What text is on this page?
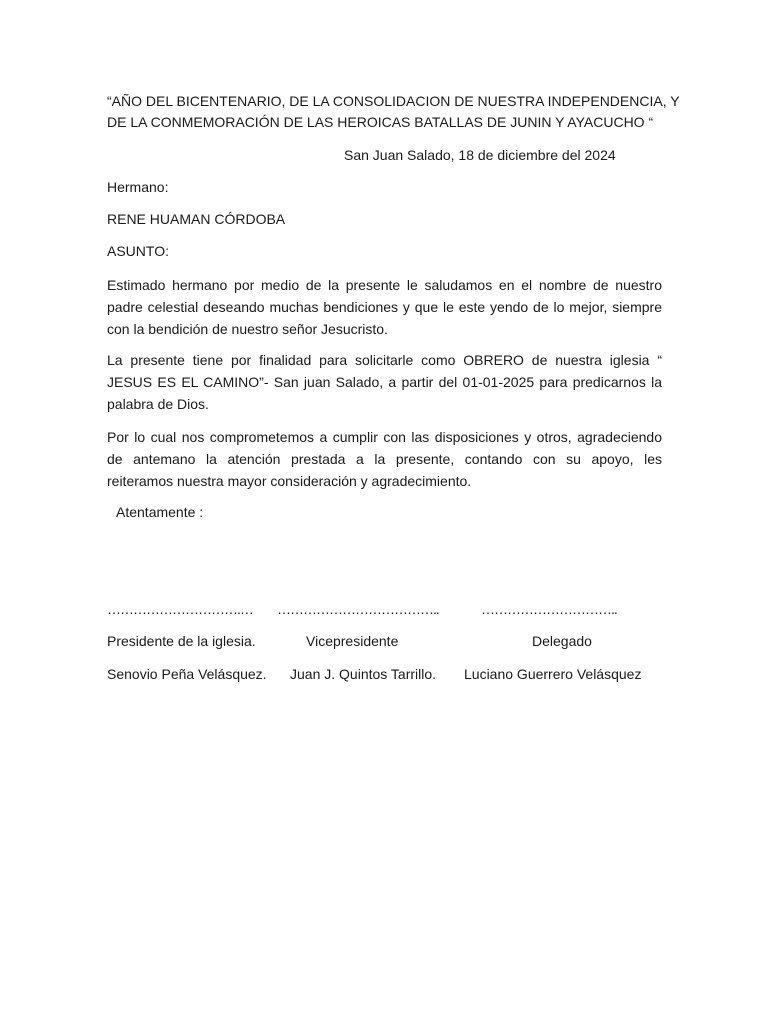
“AÑO DEL BICENTENARIO, DE LA CONSOLIDACION DE NUESTRA INDEPENDENCIA, Y
DE LA CONMEMORACIÓN DE LAS HEROICAS BATALLAS DE JUNIN Y AYACUCHO “
San Juan Salado, 18 de diciembre del 2024
Hermano:
RENE HUAMAN CÓRDOBA
ASUNTO:
Estimado hermano por medio de la presente le saludamos en el nombre de nuestro
padre celestial deseando muchas bendiciones y que le este yendo de lo mejor, siempre
con la bendición de nuestro señor Jesucristo.
La presente tiene por finalidad para solicitarle como OBRERO de nuestra iglesia “
JESUS ES EL CAMINO”- San juan Salado, a partir del 01-01-2025 para predicarnos la
palabra de Dios.
Por lo cual nos comprometemos a cumplir con las disposiciones y otros, agradeciendo
de antemano la atención prestada a la presente, contando con su apoyo, les
reiteramos nuestra mayor consideración y agradecimiento.
Atentamente :
………………………….… ………………………………..	…………………………..
Presidente de la iglesia.	Vicepresidente	Delegado
Senovio Peña Velásquez. Juan J. Quintos Tarrillo. Luciano Guerrero Velásquez
